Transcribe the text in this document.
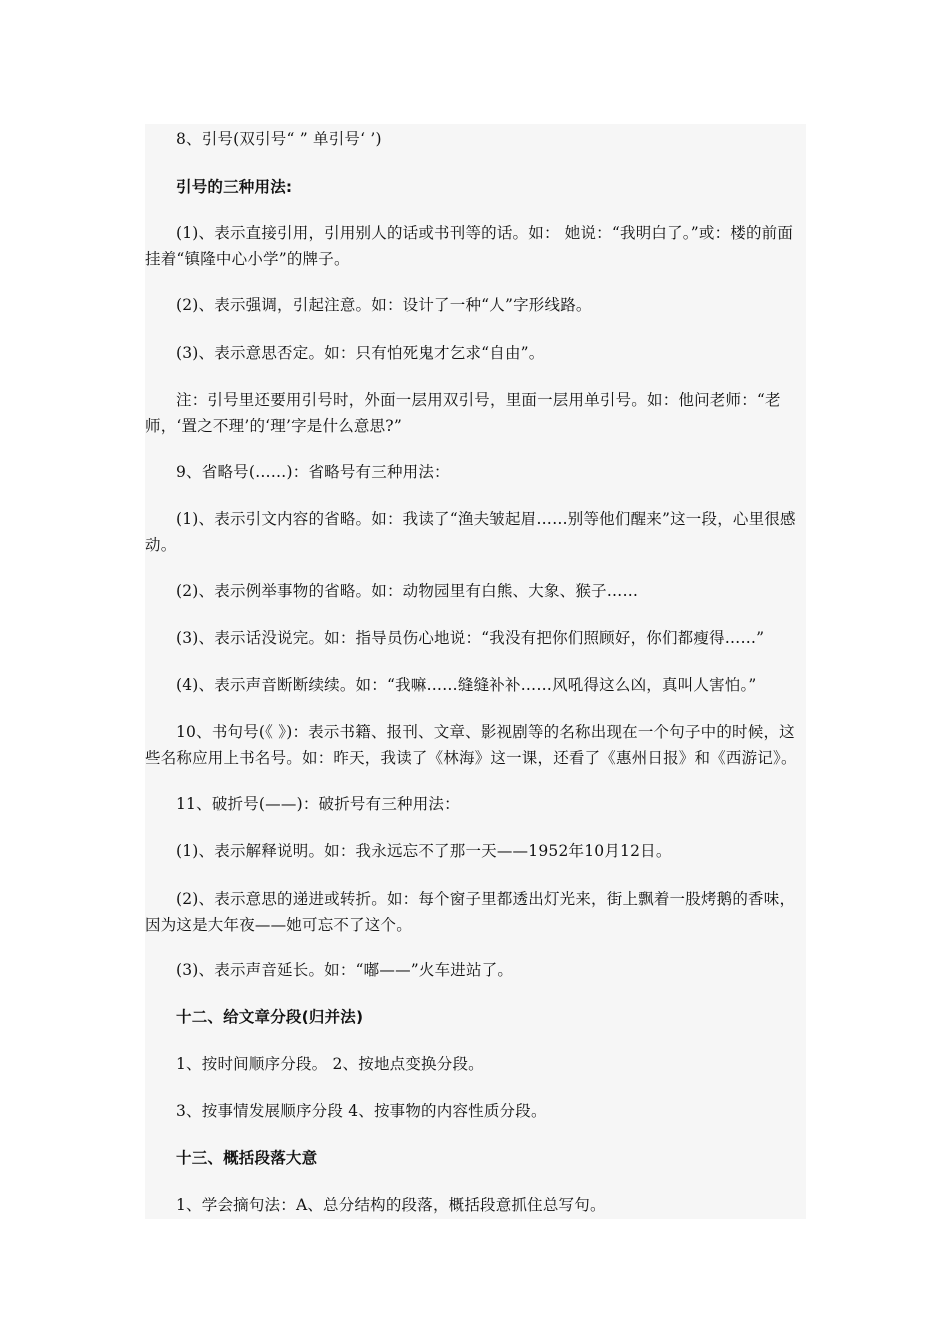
8、引号(双引号“ ” 单引号‘ ’)
引号的三种用法:
(1)、表示直接引用，引用别人的话或书刊等的话。如： 她说：“我明白了。”或：楼的前面挂着“镇隆中心小学”的牌子。
(2)、表示强调，引起注意。如：设计了一种“人”字形线路。
(3)、表示意思否定。如：只有怕死鬼才乞求“自由”。
注：引号里还要用引号时，外面一层用双引号，里面一层用单引号。如：他问老师：“老师，‘置之不理’的‘理’字是什么意思?”
9、省略号(……)：省略号有三种用法：
(1)、表示引文内容的省略。如：我读了“渔夫皱起眉……别等他们醒来”这一段，心里很感动。
(2)、表示例举事物的省略。如：动物园里有白熊、大象、猴子……
(3)、表示话没说完。如：指导员伤心地说：“我没有把你们照顾好，你们都瘦得……”
(4)、表示声音断断续续。如：“我嘛……缝缝补补……风吼得这么凶，真叫人害怕。”
10、书句号(《 》)：表示书籍、报刊、文章、影视剧等的名称出现在一个句子中的时候，这些名称应用上书名号。如：昨天，我读了《林海》这一课，还看了《惠州日报》和《西游记》。
11、破折号(——)：破折号有三种用法：
(1)、表示解释说明。如：我永远忘不了那一天——1952年10月12日。
(2)、表示意思的递进或转折。如：每个窗子里都透出灯光来，街上飘着一股烤鹅的香味，因为这是大年夜——她可忘不了这个。
(3)、表示声音延长。如：“嘟——”火车进站了。
十二、给文章分段(归并法)
1、按时间顺序分段。 2、按地点变换分段。
3、按事情发展顺序分段 4、按事物的内容性质分段。
十三、概括段落大意
1、学会摘句法：A、总分结构的段落，概括段意抓住总写句。
